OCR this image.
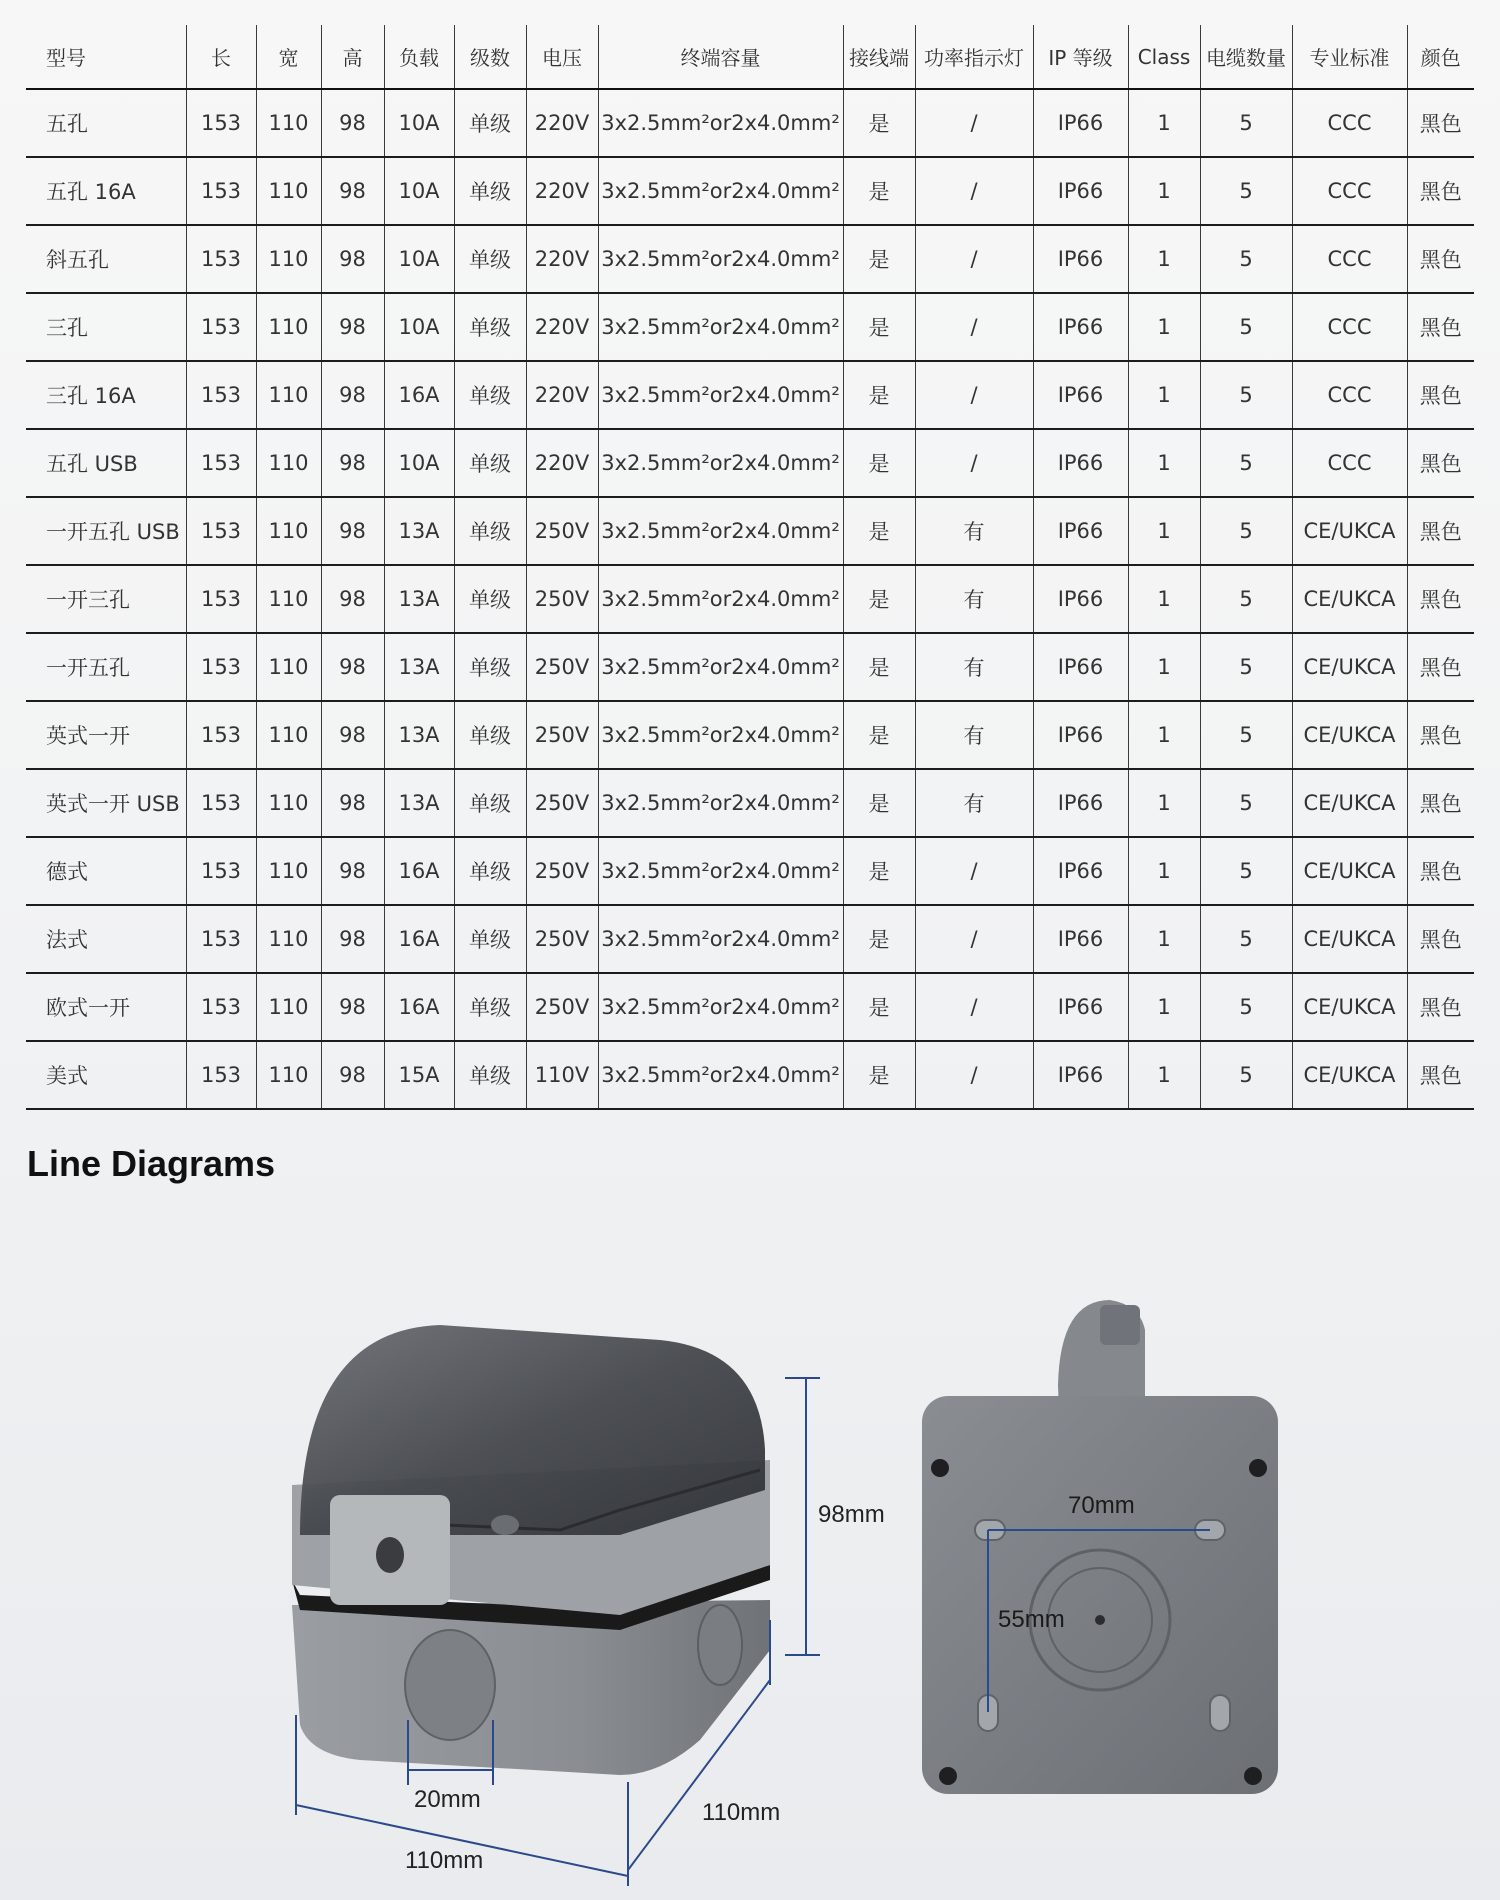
型号	长	宽	高	负载	级数	电压	终端容量	接线端	功率指示灯	IP 等级	Class	电缆数量	专业标准	颜色
五孔	153	110	98	10A	单级	220V	3x2.5mm²or2x4.0mm²	是	/	IP66	1	5	CCC	黑色
五孔 16A	153	110	98	10A	单级	220V	3x2.5mm²or2x4.0mm²	是	/	IP66	1	5	CCC	黑色
斜五孔	153	110	98	10A	单级	220V	3x2.5mm²or2x4.0mm²	是	/	IP66	1	5	CCC	黑色
三孔	153	110	98	10A	单级	220V	3x2.5mm²or2x4.0mm²	是	/	IP66	1	5	CCC	黑色
三孔 16A	153	110	98	16A	单级	220V	3x2.5mm²or2x4.0mm²	是	/	IP66	1	5	CCC	黑色
五孔 USB	153	110	98	10A	单级	220V	3x2.5mm²or2x4.0mm²	是	/	IP66	1	5	CCC	黑色
一开五孔 USB	153	110	98	13A	单级	250V	3x2.5mm²or2x4.0mm²	是	有	IP66	1	5	CE/UKCA	黑色
一开三孔	153	110	98	13A	单级	250V	3x2.5mm²or2x4.0mm²	是	有	IP66	1	5	CE/UKCA	黑色
一开五孔	153	110	98	13A	单级	250V	3x2.5mm²or2x4.0mm²	是	有	IP66	1	5	CE/UKCA	黑色
英式一开	153	110	98	13A	单级	250V	3x2.5mm²or2x4.0mm²	是	有	IP66	1	5	CE/UKCA	黑色
英式一开 USB	153	110	98	13A	单级	250V	3x2.5mm²or2x4.0mm²	是	有	IP66	1	5	CE/UKCA	黑色
德式	153	110	98	16A	单级	250V	3x2.5mm²or2x4.0mm²	是	/	IP66	1	5	CE/UKCA	黑色
法式	153	110	98	16A	单级	250V	3x2.5mm²or2x4.0mm²	是	/	IP66	1	5	CE/UKCA	黑色
欧式一开	153	110	98	16A	单级	250V	3x2.5mm²or2x4.0mm²	是	/	IP66	1	5	CE/UKCA	黑色
美式	153	110	98	15A	单级	110V	3x2.5mm²or2x4.0mm²	是	/	IP66	1	5	CE/UKCA	黑色
Line Diagrams
98mm
20mm
110mm
110mm
70mm
55mm
